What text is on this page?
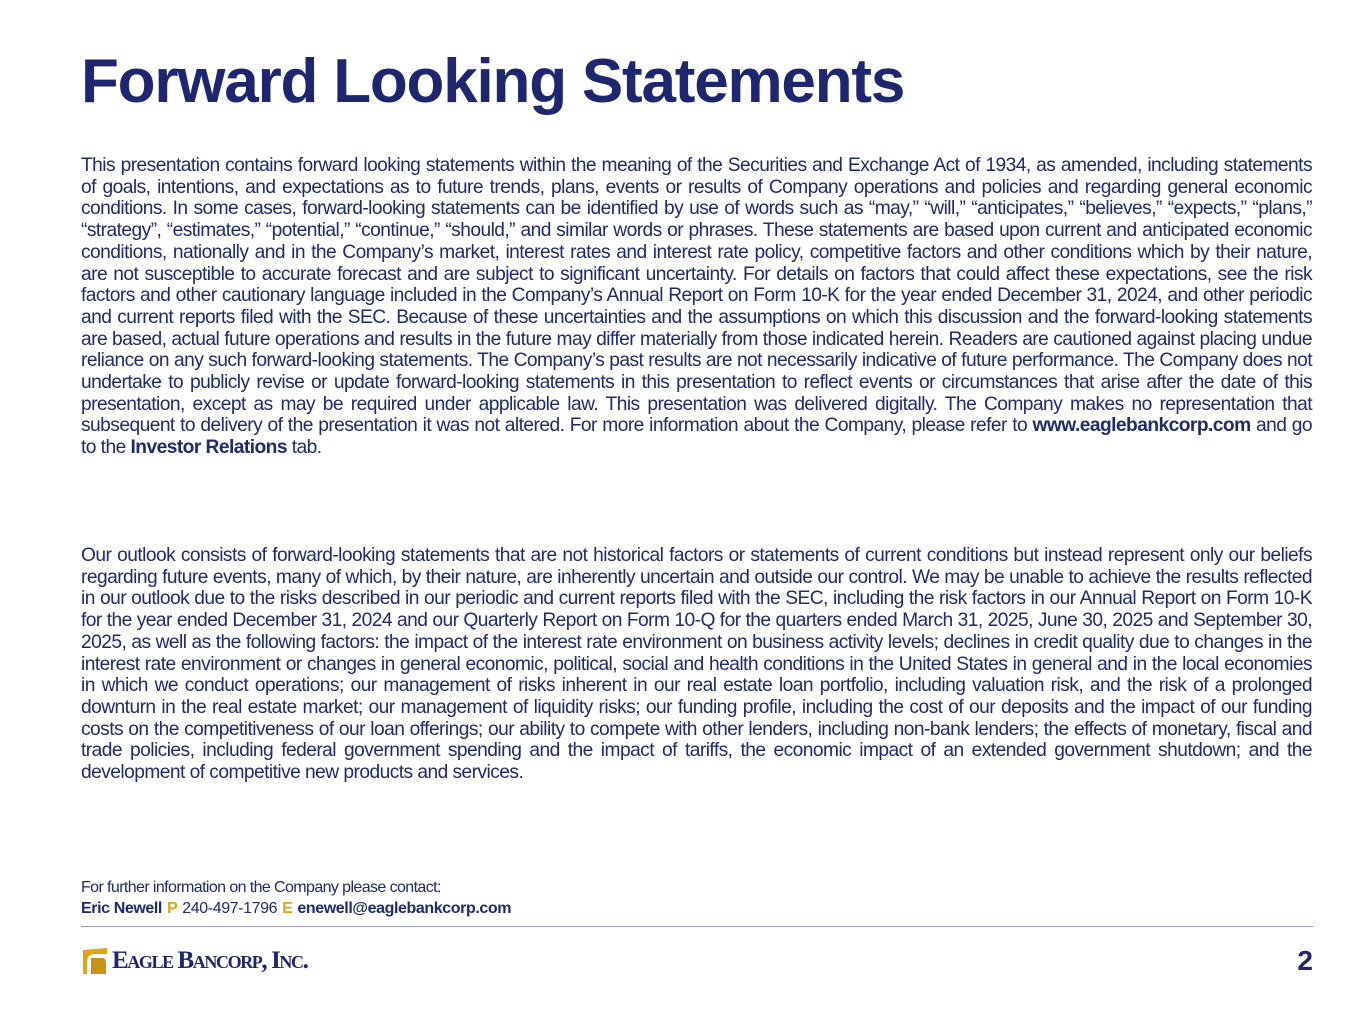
Forward Looking Statements

This presentation contains forward looking statements within the meaning of the Securities and Exchange Act of 1934, as amended, including statements of goals, intentions, and expectations as to future trends, plans, events or results of Company operations and policies and regarding general economic conditions. In some cases, forward-looking statements can be identified by use of words such as “may,” “will,” “anticipates,” “believes,” “expects,” “plans,” “strategy”, “estimates,” “potential,” “continue,” “should,” and similar words or phrases. These statements are based upon current and anticipated economic conditions, nationally and in the Company’s market, interest rates and interest rate policy, competitive factors and other conditions which by their nature, are not susceptible to accurate forecast and are subject to significant uncertainty. For details on factors that could affect these expectations, see the risk factors and other cautionary language included in the Company’s Annual Report on Form 10-K for the year ended December 31, 2024, and other periodic and current reports filed with the SEC. Because of these uncertainties and the assumptions on which this discussion and the forward-looking statements are based, actual future operations and results in the future may differ materially from those indicated herein. Readers are cautioned against placing undue reliance on any such forward-looking statements. The Company’s past results are not necessarily indicative of future performance. The Company does not undertake to publicly revise or update forward-looking statements in this presentation to reflect events or circumstances that arise after the date of this presentation, except as may be required under applicable law. This presentation was delivered digitally. The Company makes no representation that subsequent to delivery of the presentation it was not altered. For more information about the Company, please refer to www.eaglebankcorp.com and go to the Investor Relations tab.

Our outlook consists of forward-looking statements that are not historical factors or statements of current conditions but instead represent only our beliefs regarding future events, many of which, by their nature, are inherently uncertain and outside our control. We may be unable to achieve the results reflected in our outlook due to the risks described in our periodic and current reports filed with the SEC, including the risk factors in our Annual Report on Form 10-K for the year ended December 31, 2024 and our Quarterly Report on Form 10-Q for the quarters ended March 31, 2025, June 30, 2025 and September 30, 2025, as well as the following factors: the impact of the interest rate environment on business activity levels; declines in credit quality due to changes in the interest rate environment or changes in general economic, political, social and health conditions in the United States in general and in the local economies in which we conduct operations; our management of risks inherent in our real estate loan portfolio, including valuation risk, and the risk of a prolonged downturn in the real estate market; our management of liquidity risks; our funding profile, including the cost of our deposits and the impact of our funding costs on the competitiveness of our loan offerings; our ability to compete with other lenders, including non-bank lenders; the effects of monetary, fiscal and trade policies, including federal government spending and the impact of tariffs, the economic impact of an extended government shutdown; and the development of competitive new products and services.

For further information on the Company please contact:
Eric Newell P 240-497-1796 E enewell@eaglebankcorp.com
Eagle Bancorp, Inc.	2
